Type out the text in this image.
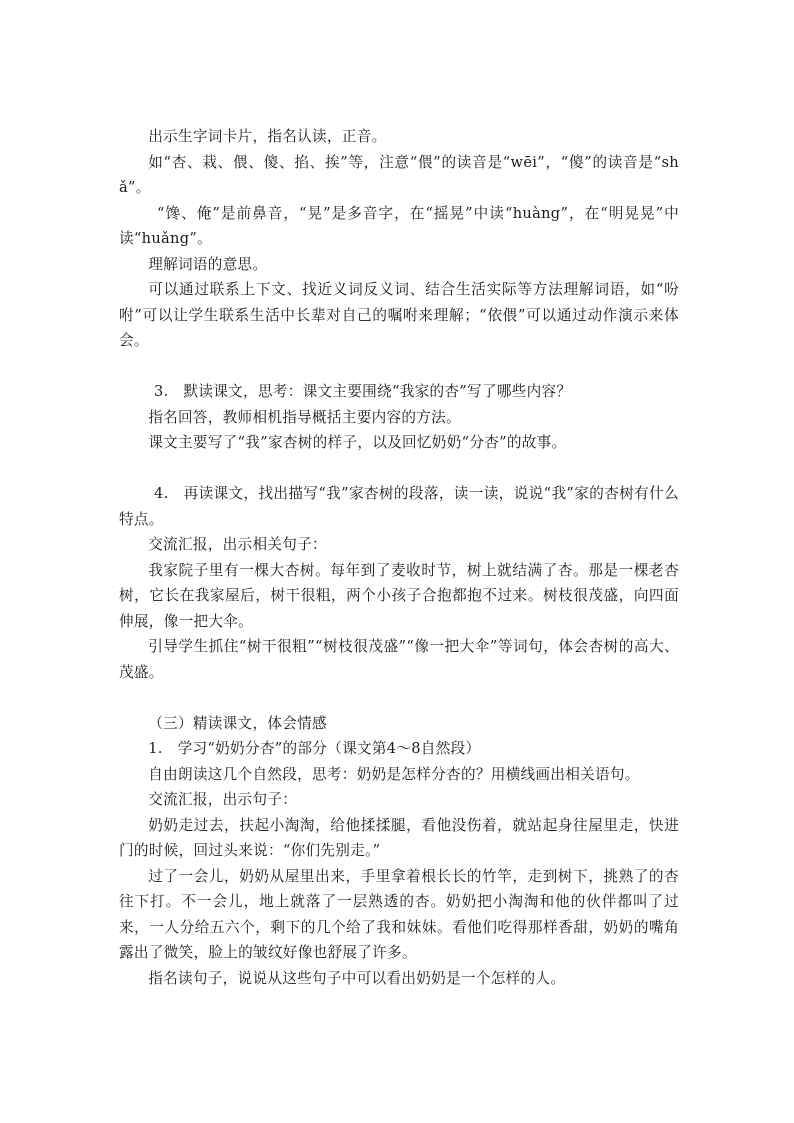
出示生字词卡片，指名认读，正音。

如“杏、栽、偎、傻、掐、挨”等，注意“偎”的读音是“wēi”，“傻”的读音是“shǎ”。

“馋、俺”是前鼻音，“晃”是多音字，在“摇晃”中读“huàng”，在“明晃晃”中读“huǎng”。

理解词语的意思。

可以通过联系上下文、找近义词反义词、结合生活实际等方法理解词语，如“吩咐”可以让学生联系生活中长辈对自己的嘱咐来理解；“依偎”可以通过动作演示来体会。

3.　默读课文，思考：课文主要围绕“我家的杏”写了哪些内容？

指名回答，教师相机指导概括主要内容的方法。

课文主要写了“我”家杏树的样子，以及回忆奶奶“分杏”的故事。

4.　再读课文，找出描写“我”家杏树的段落，读一读，说说“我”家的杏树有什么特点。

交流汇报，出示相关句子：

我家院子里有一棵大杏树。每年到了麦收时节，树上就结满了杏。那是一棵老杏树，它长在我家屋后，树干很粗，两个小孩子合抱都抱不过来。树枝很茂盛，向四面伸展，像一把大伞。

引导学生抓住“树干很粗”“树枝很茂盛”“像一把大伞”等词句，体会杏树的高大、茂盛。

（三）精读课文，体会情感

1.　学习“奶奶分杏”的部分（课文第4～8自然段）

自由朗读这几个自然段，思考：奶奶是怎样分杏的？用横线画出相关语句。

交流汇报，出示句子：

奶奶走过去，扶起小淘淘，给他揉揉腿，看他没伤着，就站起身往屋里走，快进门的时候，回过头来说：“你们先别走。”

过了一会儿，奶奶从屋里出来，手里拿着根长长的竹竿，走到树下，挑熟了的杏往下打。不一会儿，地上就落了一层熟透的杏。奶奶把小淘淘和他的伙伴都叫了过来，一人分给五六个，剩下的几个给了我和妹妹。看他们吃得那样香甜，奶奶的嘴角露出了微笑，脸上的皱纹好像也舒展了许多。

指名读句子，说说从这些句子中可以看出奶奶是一个怎样的人。
